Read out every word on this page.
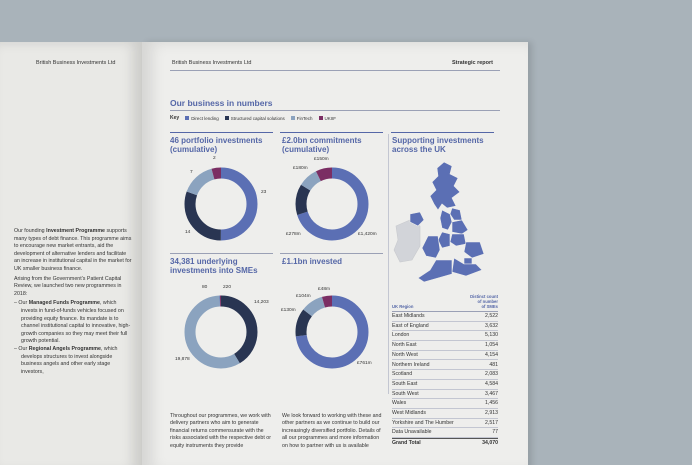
British Business Investments Ltd

Our founding Investment Programme supports many types of debt finance. This programme aims to encourage new market entrants, aid the development of alternative lenders and facilitate an increase in institutional capital in the market for UK smaller business finance.

Arising from the Government’s Patient Capital Review, we launched two new programmes in 2018:

– Our Managed Funds Programme, which invests in fund-of-funds vehicles focused on providing equity finance. Its mandate is to channel institutional capital to innovative, high-growth companies so they may meet their full growth potential.
– Our Regional Angels Programme, which develops structures to invest alongside business angels and other early stage investors,
British Business Investments Ltd	Strategic report
Our business in numbers
Key	Direct lending	Structured capital solutions	FinTech	UKIIF
46 portfolio investments
(cumulative)
£2.0bn commitments
(cumulative)
34,381 underlying
investments into SMEs
£1.1bn invested
2
7
23
14
£150m
£180m
£278m	£1,420m
80	220
14,203
19,878
£48m
£104m
£130m
£761m
Throughout our programmes, we work with delivery partners who aim to generate financial returns commensurate with the risks associated with the respective debt or equity instruments they provide
We look forward to working with these and other partners as we continue to build our increasingly diversified portfolio. Details of all our programmes and more information on how to partner with us is available
Supporting investments
across the UK
UK Region
Distinct count
of number
of SMEs
East Midlands	2,522
East of England	3,632
London	5,130
North East	1,054
North West	4,154
Northern Ireland	481
Scotland	2,083
South East	4,584
South West	3,467
Wales	1,456
West Midlands	2,913
Yorkshire and The Humber	2,517
Data Unavailable	77
Grand Total	34,070
